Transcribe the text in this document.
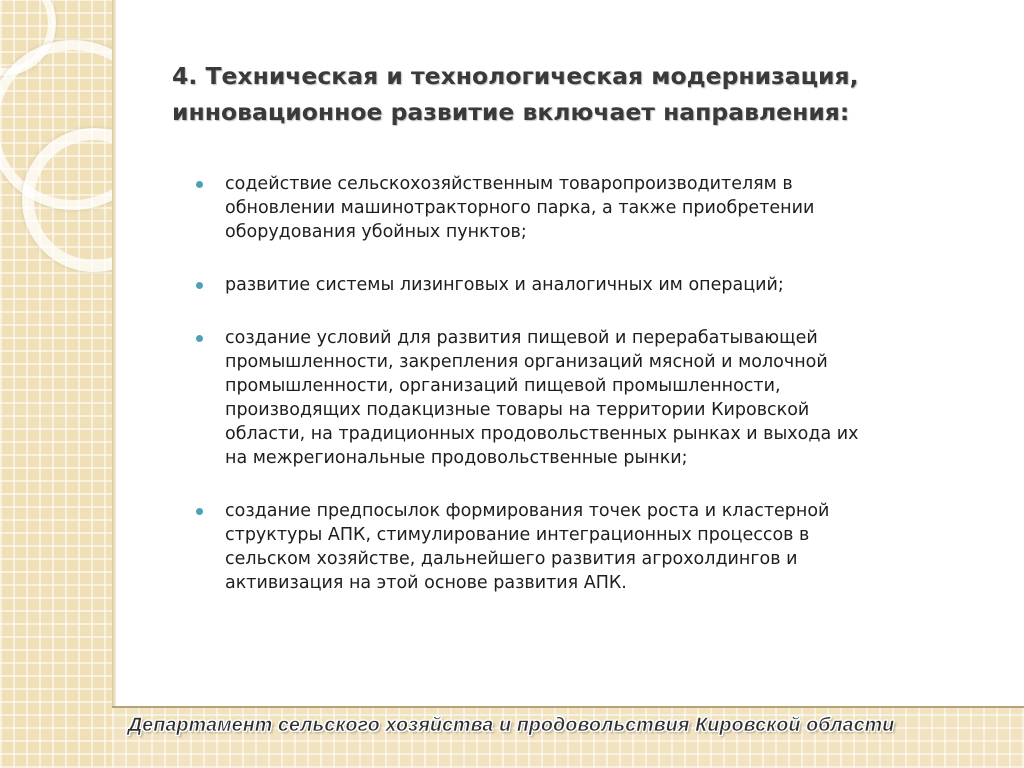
4. Техническая и технологическая модернизация,
инновационное развитие включает направления:
содействие сельскохозяйственным товаропроизводителям в
обновлении машинотракторного парка, а также приобретении
оборудования убойных пунктов;
развитие системы лизинговых и аналогичных им операций;
создание условий для развития пищевой и перерабатывающей
промышленности, закрепления организаций мясной и молочной
промышленности, организаций пищевой промышленности,
производящих подакцизные товары на территории Кировской
области, на традиционных продовольственных рынках и выхода их
на межрегиональные продовольственные рынки;
создание предпосылок формирования точек роста и кластерной
структуры АПК, стимулирование интеграционных процессов в
сельском хозяйстве, дальнейшего развития агрохолдингов и
активизация на этой основе развития АПК.
Департамент сельского хозяйства и продовольствия Кировской области
